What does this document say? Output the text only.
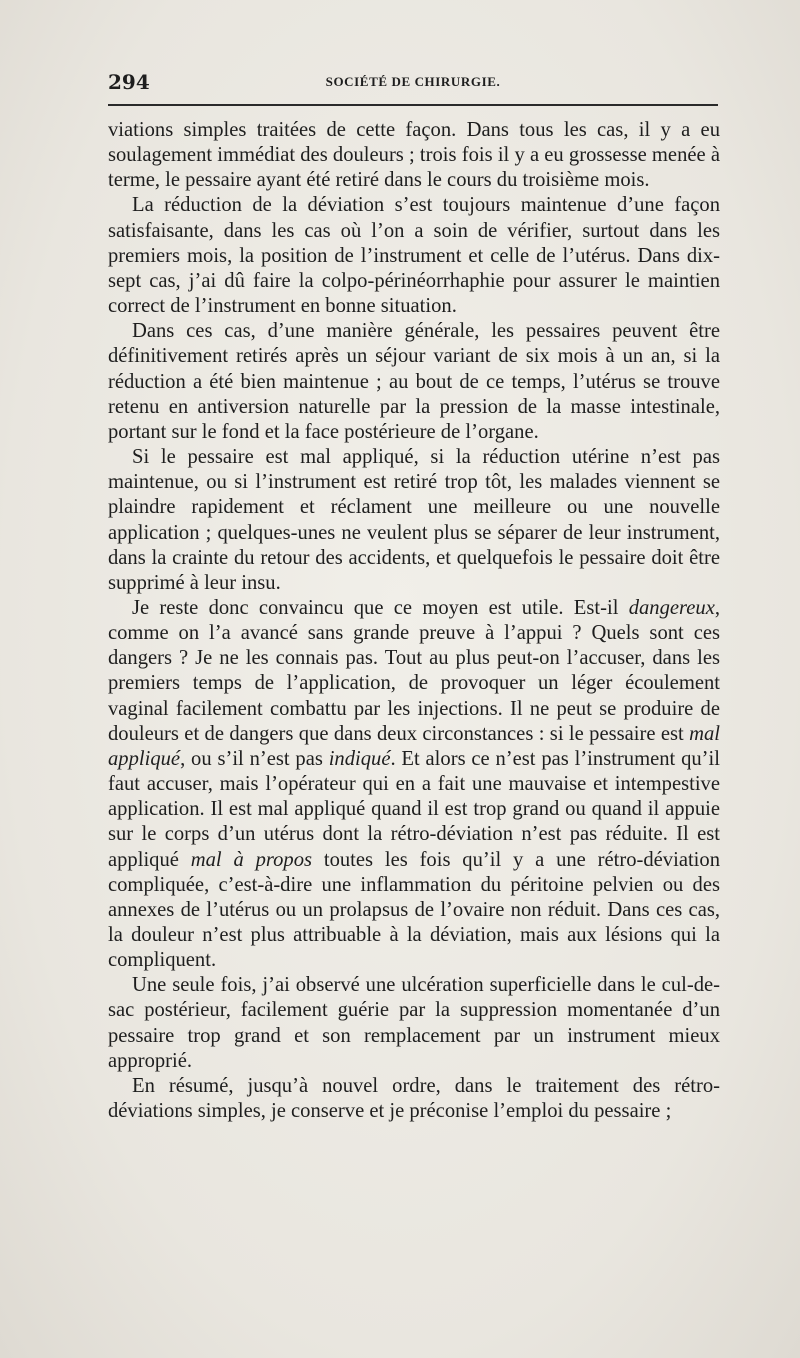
294	SOCIÉTÉ DE CHIRURGIE.

viations simples traitées de cette façon. Dans tous les cas, il y a eu soulagement immédiat des douleurs ; trois fois il y a eu grossesse menée à terme, le pessaire ayant été retiré dans le cours du troisième mois.

La réduction de la déviation s’est toujours maintenue d’une façon satisfaisante, dans les cas où l’on a soin de vérifier, surtout dans les premiers mois, la position de l’instrument et celle de l’utérus. Dans dix-sept cas, j’ai dû faire la colpo-périnéorrhaphie pour assurer le maintien correct de l’instrument en bonne situation.

Dans ces cas, d’une manière générale, les pessaires peuvent être définitivement retirés après un séjour variant de six mois à un an, si la réduction a été bien maintenue ; au bout de ce temps, l’utérus se trouve retenu en antiversion naturelle par la pression de la masse intestinale, portant sur le fond et la face postérieure de l’organe.

Si le pessaire est mal appliqué, si la réduction utérine n’est pas maintenue, ou si l’instrument est retiré trop tôt, les malades viennent se plaindre rapidement et réclament une meilleure ou une nouvelle application ; quelques-unes ne veulent plus se séparer de leur instrument, dans la crainte du retour des accidents, et quelquefois le pessaire doit être supprimé à leur insu.

Je reste donc convaincu que ce moyen est utile. Est-il dangereux, comme on l’a avancé sans grande preuve à l’appui ? Quels sont ces dangers ? Je ne les connais pas. Tout au plus peut-on l’accuser, dans les premiers temps de l’application, de provoquer un léger écoulement vaginal facilement combattu par les injections. Il ne peut se produire de douleurs et de dangers que dans deux circonstances : si le pessaire est mal appliqué, ou s’il n’est pas indiqué. Et alors ce n’est pas l’instrument qu’il faut accuser, mais l’opérateur qui en a fait une mauvaise et intempestive application. Il est mal appliqué quand il est trop grand ou quand il appuie sur le corps d’un utérus dont la rétro-déviation n’est pas réduite. Il est appliqué mal à propos toutes les fois qu’il y a une rétro-déviation compliquée, c’est-à-dire une inflammation du péritoine pelvien ou des annexes de l’utérus ou un prolapsus de l’ovaire non réduit. Dans ces cas, la douleur n’est plus attribuable à la déviation, mais aux lésions qui la compliquent.

Une seule fois, j’ai observé une ulcération superficielle dans le cul-de-sac postérieur, facilement guérie par la suppression momentanée d’un pessaire trop grand et son remplacement par un instrument mieux approprié.

En résumé, jusqu’à nouvel ordre, dans le traitement des rétro-déviations simples, je conserve et je préconise l’emploi du pessaire ;
